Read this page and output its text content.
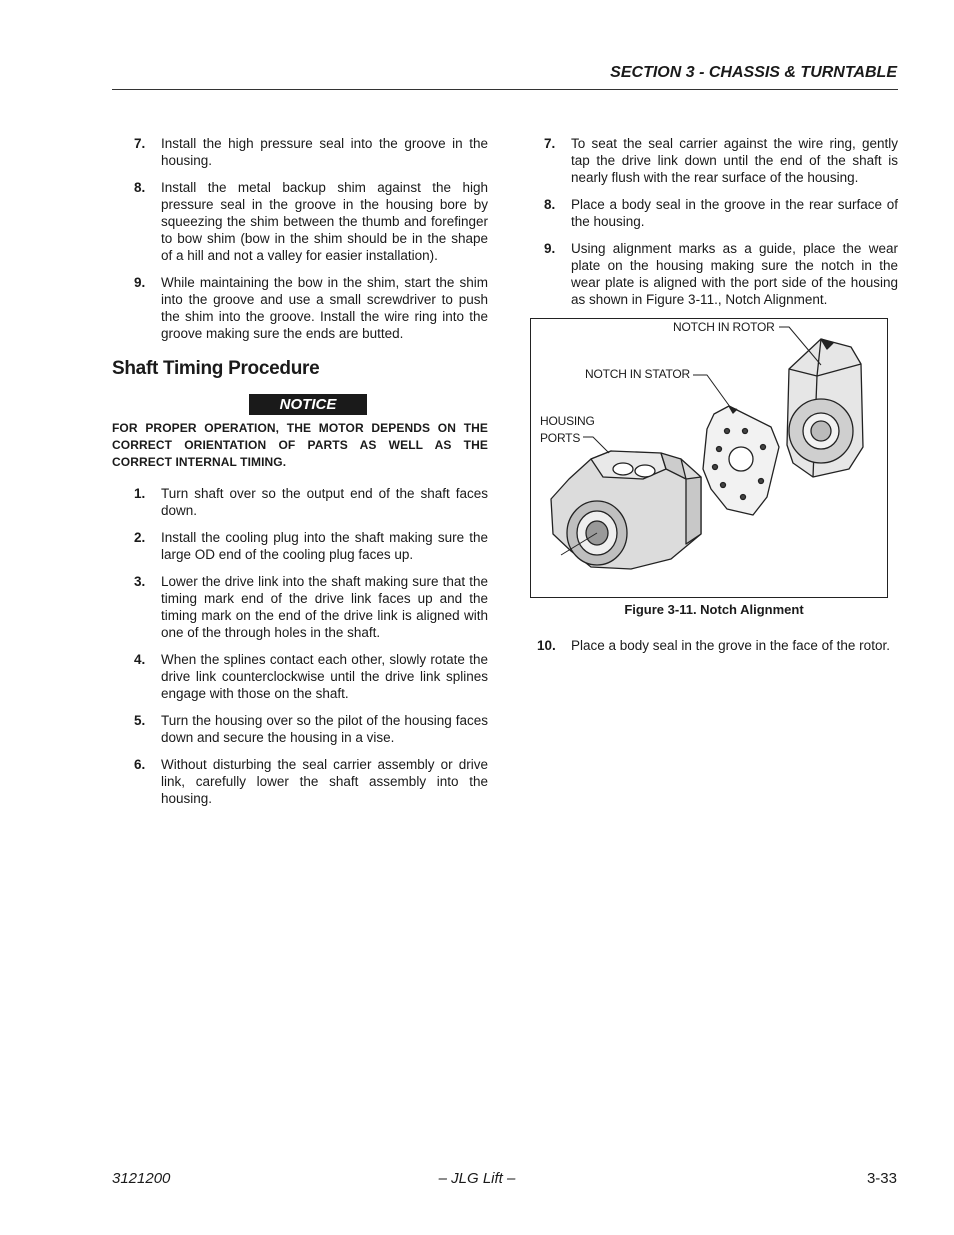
SECTION 3 - CHASSIS & TURNTABLE
7. Install the high pressure seal into the groove in the housing.
8. Install the metal backup shim against the high pressure seal in the groove in the housing bore by squeezing the shim between the thumb and forefinger to bow shim (bow in the shim should be in the shape of a hill and not a valley for easier installation).
9. While maintaining the bow in the shim, start the shim into the groove and use a small screwdriver to push the shim into the groove. Install the wire ring into the groove making sure the ends are butted.
Shaft Timing Procedure
NOTICE
FOR PROPER OPERATION, THE MOTOR DEPENDS ON THE CORRECT ORIENTATION OF PARTS AS WELL AS THE CORRECT INTERNAL TIMING.
1. Turn shaft over so the output end of the shaft faces down.
2. Install the cooling plug into the shaft making sure the large OD end of the cooling plug faces up.
3. Lower the drive link into the shaft making sure that the timing mark end of the drive link faces up and the timing mark on the end of the drive link is aligned with one of the through holes in the shaft.
4. When the splines contact each other, slowly rotate the drive link counterclockwise until the drive link splines engage with those on the shaft.
5. Turn the housing over so the pilot of the housing faces down and secure the housing in a vise.
6. Without disturbing the seal carrier assembly or drive link, carefully lower the shaft assembly into the housing.
7. To seat the seal carrier against the wire ring, gently tap the drive link down until the end of the shaft is nearly flush with the rear surface of the housing.
8. Place a body seal in the groove in the rear surface of the housing.
9. Using alignment marks as a guide, place the wear plate on the housing making sure the notch in the wear plate is aligned with the port side of the housing as shown in Figure 3-11., Notch Alignment.
NOTCH IN ROTOR
NOTCH IN STATOR
HOUSING
PORTS
Figure 3-11. Notch Alignment
10. Place a body seal in the grove in the face of the rotor.
3121200	– JLG Lift –	3-33
